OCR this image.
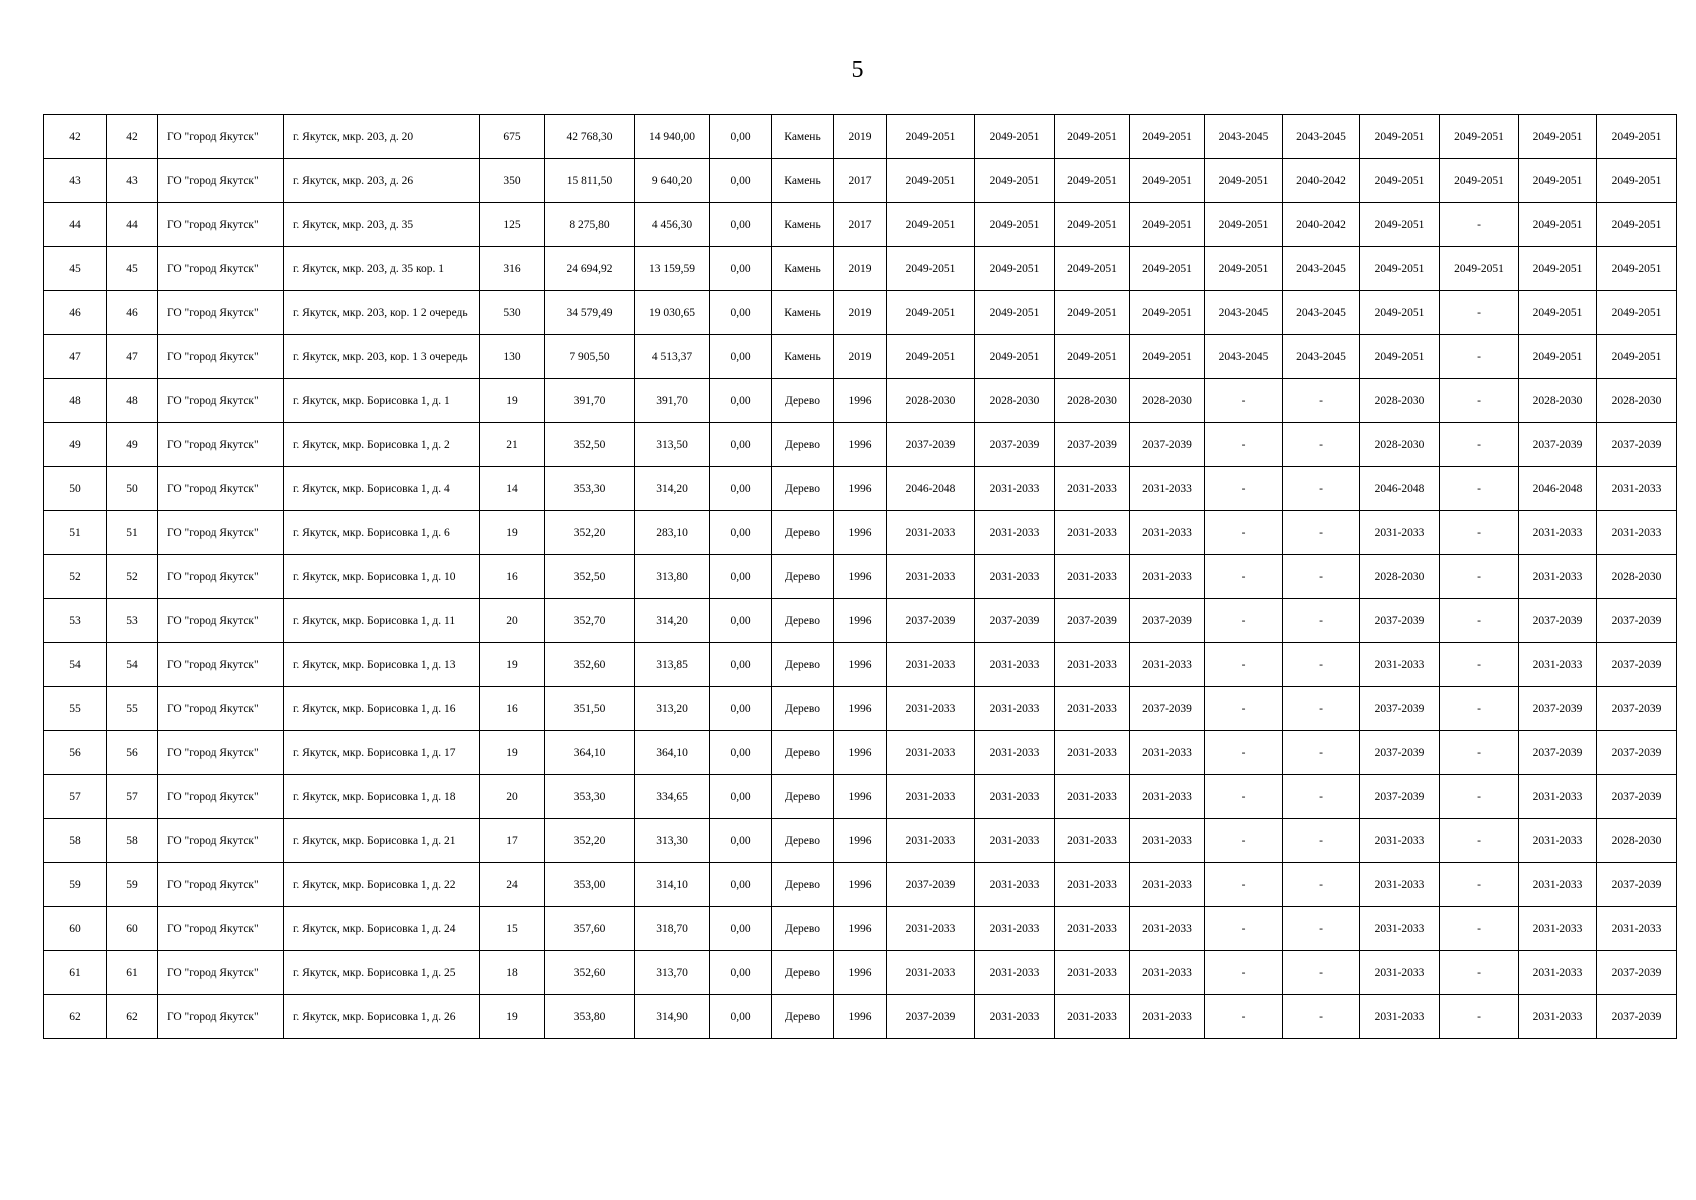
5
42	42	ГО "город Якутск"	г. Якутск, мкр. 203, д. 20	675	42 768,30	14 940,00	0,00	Камень	2019	2049-2051	2049-2051	2049-2051	2049-2051	2043-2045	2043-2045	2049-2051	2049-2051	2049-2051	2049-2051
43	43	ГО "город Якутск"	г. Якутск, мкр. 203, д. 26	350	15 811,50	9 640,20	0,00	Камень	2017	2049-2051	2049-2051	2049-2051	2049-2051	2049-2051	2040-2042	2049-2051	2049-2051	2049-2051	2049-2051
44	44	ГО "город Якутск"	г. Якутск, мкр. 203, д. 35	125	8 275,80	4 456,30	0,00	Камень	2017	2049-2051	2049-2051	2049-2051	2049-2051	2049-2051	2040-2042	2049-2051	-	2049-2051	2049-2051
45	45	ГО "город Якутск"	г. Якутск, мкр. 203, д. 35 кор. 1	316	24 694,92	13 159,59	0,00	Камень	2019	2049-2051	2049-2051	2049-2051	2049-2051	2049-2051	2043-2045	2049-2051	2049-2051	2049-2051	2049-2051
46	46	ГО "город Якутск"	г. Якутск, мкр. 203, кор. 1 2 очередь	530	34 579,49	19 030,65	0,00	Камень	2019	2049-2051	2049-2051	2049-2051	2049-2051	2043-2045	2043-2045	2049-2051	-	2049-2051	2049-2051
47	47	ГО "город Якутск"	г. Якутск, мкр. 203, кор. 1 3 очередь	130	7 905,50	4 513,37	0,00	Камень	2019	2049-2051	2049-2051	2049-2051	2049-2051	2043-2045	2043-2045	2049-2051	-	2049-2051	2049-2051
48	48	ГО "город Якутск"	г. Якутск, мкр. Борисовка 1, д. 1	19	391,70	391,70	0,00	Дерево	1996	2028-2030	2028-2030	2028-2030	2028-2030	-	-	2028-2030	-	2028-2030	2028-2030
49	49	ГО "город Якутск"	г. Якутск, мкр. Борисовка 1, д. 2	21	352,50	313,50	0,00	Дерево	1996	2037-2039	2037-2039	2037-2039	2037-2039	-	-	2028-2030	-	2037-2039	2037-2039
50	50	ГО "город Якутск"	г. Якутск, мкр. Борисовка 1, д. 4	14	353,30	314,20	0,00	Дерево	1996	2046-2048	2031-2033	2031-2033	2031-2033	-	-	2046-2048	-	2046-2048	2031-2033
51	51	ГО "город Якутск"	г. Якутск, мкр. Борисовка 1, д. 6	19	352,20	283,10	0,00	Дерево	1996	2031-2033	2031-2033	2031-2033	2031-2033	-	-	2031-2033	-	2031-2033	2031-2033
52	52	ГО "город Якутск"	г. Якутск, мкр. Борисовка 1, д. 10	16	352,50	313,80	0,00	Дерево	1996	2031-2033	2031-2033	2031-2033	2031-2033	-	-	2028-2030	-	2031-2033	2028-2030
53	53	ГО "город Якутск"	г. Якутск, мкр. Борисовка 1, д. 11	20	352,70	314,20	0,00	Дерево	1996	2037-2039	2037-2039	2037-2039	2037-2039	-	-	2037-2039	-	2037-2039	2037-2039
54	54	ГО "город Якутск"	г. Якутск, мкр. Борисовка 1, д. 13	19	352,60	313,85	0,00	Дерево	1996	2031-2033	2031-2033	2031-2033	2031-2033	-	-	2031-2033	-	2031-2033	2037-2039
55	55	ГО "город Якутск"	г. Якутск, мкр. Борисовка 1, д. 16	16	351,50	313,20	0,00	Дерево	1996	2031-2033	2031-2033	2031-2033	2037-2039	-	-	2037-2039	-	2037-2039	2037-2039
56	56	ГО "город Якутск"	г. Якутск, мкр. Борисовка 1, д. 17	19	364,10	364,10	0,00	Дерево	1996	2031-2033	2031-2033	2031-2033	2031-2033	-	-	2037-2039	-	2037-2039	2037-2039
57	57	ГО "город Якутск"	г. Якутск, мкр. Борисовка 1, д. 18	20	353,30	334,65	0,00	Дерево	1996	2031-2033	2031-2033	2031-2033	2031-2033	-	-	2037-2039	-	2031-2033	2037-2039
58	58	ГО "город Якутск"	г. Якутск, мкр. Борисовка 1, д. 21	17	352,20	313,30	0,00	Дерево	1996	2031-2033	2031-2033	2031-2033	2031-2033	-	-	2031-2033	-	2031-2033	2028-2030
59	59	ГО "город Якутск"	г. Якутск, мкр. Борисовка 1, д. 22	24	353,00	314,10	0,00	Дерево	1996	2037-2039	2031-2033	2031-2033	2031-2033	-	-	2031-2033	-	2031-2033	2037-2039
60	60	ГО "город Якутск"	г. Якутск, мкр. Борисовка 1, д. 24	15	357,60	318,70	0,00	Дерево	1996	2031-2033	2031-2033	2031-2033	2031-2033	-	-	2031-2033	-	2031-2033	2031-2033
61	61	ГО "город Якутск"	г. Якутск, мкр. Борисовка 1, д. 25	18	352,60	313,70	0,00	Дерево	1996	2031-2033	2031-2033	2031-2033	2031-2033	-	-	2031-2033	-	2031-2033	2037-2039
62	62	ГО "город Якутск"	г. Якутск, мкр. Борисовка 1, д. 26	19	353,80	314,90	0,00	Дерево	1996	2037-2039	2031-2033	2031-2033	2031-2033	-	-	2031-2033	-	2031-2033	2037-2039
